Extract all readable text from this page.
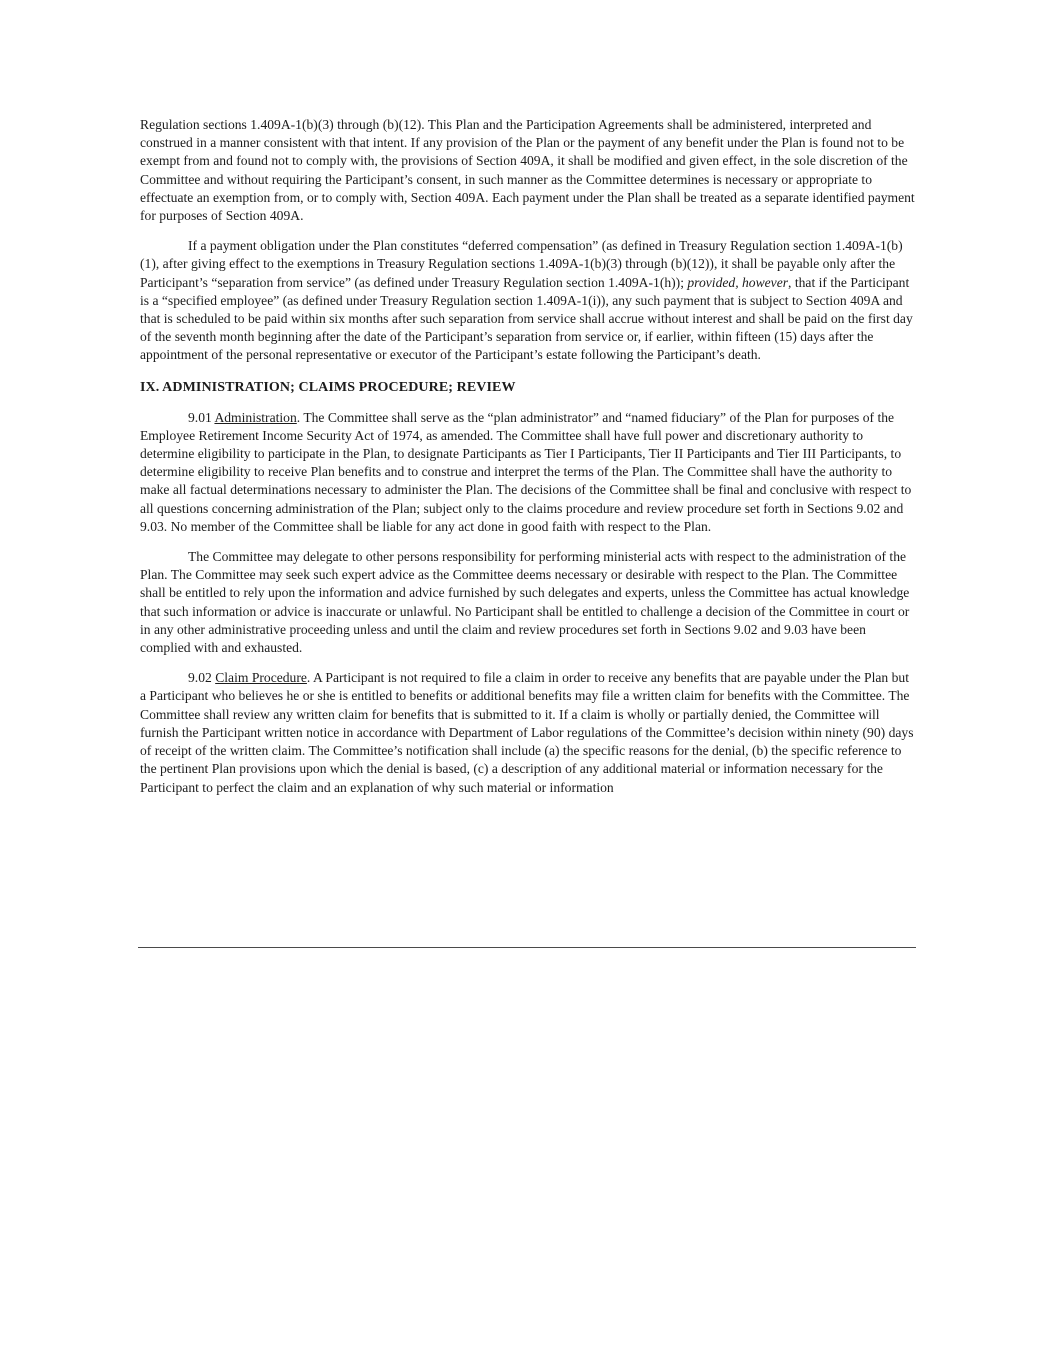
Regulation sections 1.409A-1(b)(3) through (b)(12). This Plan and the Participation Agreements shall be administered, interpreted and construed in a manner consistent with that intent. If any provision of the Plan or the payment of any benefit under the Plan is found not to be exempt from and found not to comply with, the provisions of Section 409A, it shall be modified and given effect, in the sole discretion of the Committee and without requiring the Participant’s consent, in such manner as the Committee determines is necessary or appropriate to effectuate an exemption from, or to comply with, Section 409A. Each payment under the Plan shall be treated as a separate identified payment for purposes of Section 409A.

If a payment obligation under the Plan constitutes “deferred compensation” (as defined in Treasury Regulation section 1.409A-1(b)(1), after giving effect to the exemptions in Treasury Regulation sections 1.409A-1(b)(3) through (b)(12)), it shall be payable only after the Participant’s “separation from service” (as defined under Treasury Regulation section 1.409A-1(h)); provided, however, that if the Participant is a “specified employee” (as defined under Treasury Regulation section 1.409A-1(i)), any such payment that is subject to Section 409A and that is scheduled to be paid within six months after such separation from service shall accrue without interest and shall be paid on the first day of the seventh month beginning after the date of the Participant’s separation from service or, if earlier, within fifteen (15) days after the appointment of the personal representative or executor of the Participant’s estate following the Participant’s death.

IX. ADMINISTRATION; CLAIMS PROCEDURE; REVIEW

9.01 Administration. The Committee shall serve as the “plan administrator” and “named fiduciary” of the Plan for purposes of the Employee Retirement Income Security Act of 1974, as amended. The Committee shall have full power and discretionary authority to determine eligibility to participate in the Plan, to designate Participants as Tier I Participants, Tier II Participants and Tier III Participants, to determine eligibility to receive Plan benefits and to construe and interpret the terms of the Plan. The Committee shall have the authority to make all factual determinations necessary to administer the Plan. The decisions of the Committee shall be final and conclusive with respect to all questions concerning administration of the Plan; subject only to the claims procedure and review procedure set forth in Sections 9.02 and 9.03. No member of the Committee shall be liable for any act done in good faith with respect to the Plan.

The Committee may delegate to other persons responsibility for performing ministerial acts with respect to the administration of the Plan. The Committee may seek such expert advice as the Committee deems necessary or desirable with respect to the Plan. The Committee shall be entitled to rely upon the information and advice furnished by such delegates and experts, unless the Committee has actual knowledge that such information or advice is inaccurate or unlawful. No Participant shall be entitled to challenge a decision of the Committee in court or in any other administrative proceeding unless and until the claim and review procedures set forth in Sections 9.02 and 9.03 have been complied with and exhausted.

9.02 Claim Procedure. A Participant is not required to file a claim in order to receive any benefits that are payable under the Plan but a Participant who believes he or she is entitled to benefits or additional benefits may file a written claim for benefits with the Committee. The Committee shall review any written claim for benefits that is submitted to it. If a claim is wholly or partially denied, the Committee will furnish the Participant written notice in accordance with Department of Labor regulations of the Committee’s decision within ninety (90) days of receipt of the written claim. The Committee’s notification shall include (a) the specific reasons for the denial, (b) the specific reference to the pertinent Plan provisions upon which the denial is based, (c) a description of any additional material or information necessary for the Participant to perfect the claim and an explanation of why such material or information
